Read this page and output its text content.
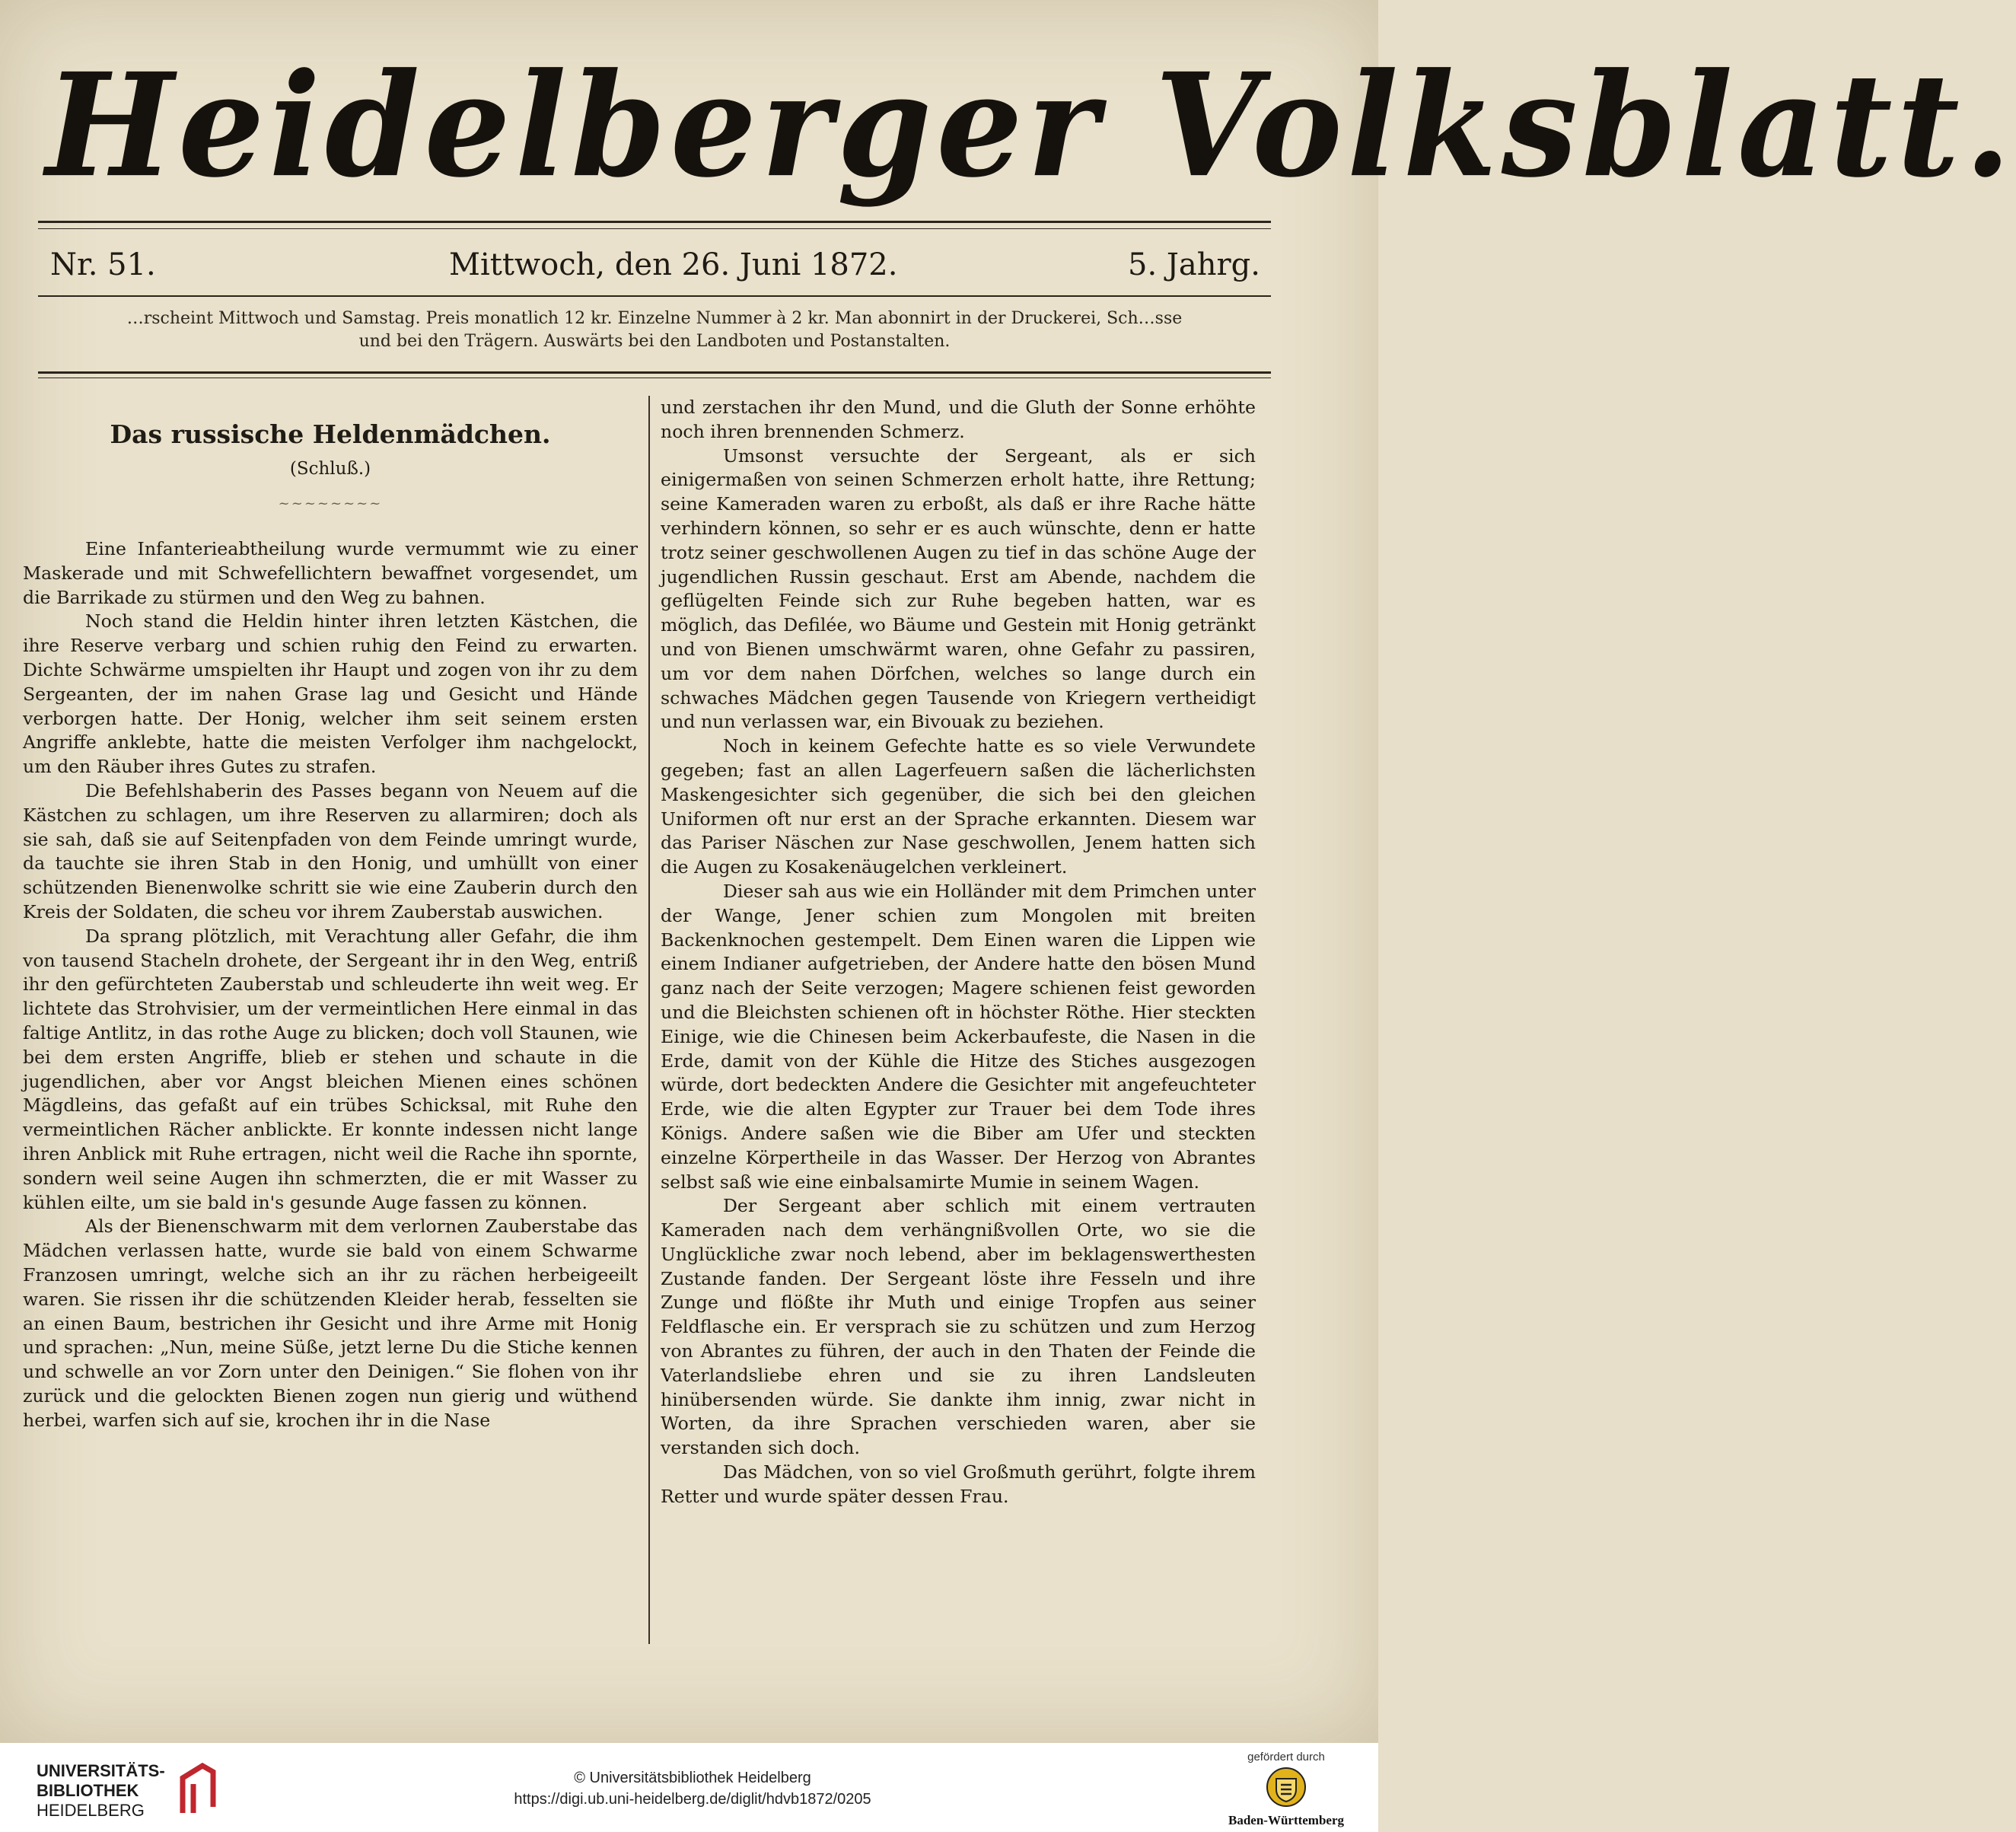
Heidelberger Volksblatt.
Nr. 51.	Mittwoch, den 26. Juni 1872.	5. Jahrg.
…rscheint Mittwoch und Samstag. Preis monatlich 12 kr. Einzelne Nummer à 2 kr. Man abonnirt in der Druckerei, Sch…sse
und bei den Trägern. Auswärts bei den Landboten und Postanstalten.
Das russische Heldenmädchen.
(Schluß.)
~~~~~~~~

Eine Infanterieabtheilung wurde vermummt wie zu einer Maskerade und mit Schwefellichtern bewaffnet vorgesendet, um die Barrikade zu stürmen und den Weg zu bahnen.

Noch stand die Heldin hinter ihren letzten Kästchen, die ihre Reserve verbarg und schien ruhig den Feind zu erwarten. Dichte Schwärme umspielten ihr Haupt und zogen von ihr zu dem Sergeanten, der im nahen Grase lag und Gesicht und Hände verborgen hatte. Der Honig, welcher ihm seit seinem ersten Angriffe anklebte, hatte die meisten Verfolger ihm nachgelockt, um den Räuber ihres Gutes zu strafen.

Die Befehlshaberin des Passes begann von Neuem auf die Kästchen zu schlagen, um ihre Reserven zu allarmiren; doch als sie sah, daß sie auf Seitenpfaden von dem Feinde umringt wurde, da tauchte sie ihren Stab in den Honig, und umhüllt von einer schützenden Bienenwolke schritt sie wie eine Zauberin durch den Kreis der Soldaten, die scheu vor ihrem Zauberstab auswichen.

Da sprang plötzlich, mit Verachtung aller Gefahr, die ihm von tausend Stacheln drohete, der Sergeant ihr in den Weg, entriß ihr den gefürchteten Zauberstab und schleuderte ihn weit weg. Er lichtete das Strohvisier, um der vermeintlichen Here einmal in das faltige Antlitz, in das rothe Auge zu blicken; doch voll Staunen, wie bei dem ersten Angriffe, blieb er stehen und schaute in die jugendlichen, aber vor Angst bleichen Mienen eines schönen Mägdleins, das gefaßt auf ein trübes Schicksal, mit Ruhe den vermeintlichen Rächer anblickte. Er konnte indessen nicht lange ihren Anblick mit Ruhe ertragen, nicht weil die Rache ihn spornte, sondern weil seine Augen ihn schmerzten, die er mit Wasser zu kühlen eilte, um sie bald in's gesunde Auge fassen zu können.

Als der Bienenschwarm mit dem verlornen Zauberstabe das Mädchen verlassen hatte, wurde sie bald von einem Schwarme Franzosen umringt, welche sich an ihr zu rächen herbeigeeilt waren. Sie rissen ihr die schützenden Kleider herab, fesselten sie an einen Baum, bestrichen ihr Gesicht und ihre Arme mit Honig und sprachen: „Nun, meine Süße, jetzt lerne Du die Stiche kennen und schwelle an vor Zorn unter den Deinigen.“ Sie flohen von ihr zurück und die gelockten Bienen zogen nun gierig und wüthend herbei, warfen sich auf sie, krochen ihr in die Nase

und zerstachen ihr den Mund, und die Gluth der Sonne erhöhte noch ihren brennenden Schmerz.

Umsonst versuchte der Sergeant, als er sich einigermaßen von seinen Schmerzen erholt hatte, ihre Rettung; seine Kameraden waren zu erboßt, als daß er ihre Rache hätte verhindern können, so sehr er es auch wünschte, denn er hatte trotz seiner geschwollenen Augen zu tief in das schöne Auge der jugendlichen Russin geschaut. Erst am Abende, nachdem die geflügelten Feinde sich zur Ruhe begeben hatten, war es möglich, das Defilée, wo Bäume und Gestein mit Honig getränkt und von Bienen umschwärmt waren, ohne Gefahr zu passiren, um vor dem nahen Dörfchen, welches so lange durch ein schwaches Mädchen gegen Tausende von Kriegern vertheidigt und nun verlassen war, ein Bivouak zu beziehen.

Noch in keinem Gefechte hatte es so viele Verwundete gegeben; fast an allen Lagerfeuern saßen die lächerlichsten Maskengesichter sich gegenüber, die sich bei den gleichen Uniformen oft nur erst an der Sprache erkannten. Diesem war das Pariser Näschen zur Nase geschwollen, Jenem hatten sich die Augen zu Kosakenäugelchen verkleinert.

Dieser sah aus wie ein Holländer mit dem Primchen unter der Wange, Jener schien zum Mongolen mit breiten Backenknochen gestempelt. Dem Einen waren die Lippen wie einem Indianer aufgetrieben, der Andere hatte den bösen Mund ganz nach der Seite verzogen; Magere schienen feist geworden und die Bleichsten schienen oft in höchster Röthe. Hier steckten Einige, wie die Chinesen beim Ackerbaufeste, die Nasen in die Erde, damit von der Kühle die Hitze des Stiches ausgezogen würde, dort bedeckten Andere die Gesichter mit angefeuchteter Erde, wie die alten Egypter zur Trauer bei dem Tode ihres Königs. Andere saßen wie die Biber am Ufer und steckten einzelne Körpertheile in das Wasser. Der Herzog von Abrantes selbst saß wie eine einbalsamirte Mumie in seinem Wagen.

Der Sergeant aber schlich mit einem vertrauten Kameraden nach dem verhängnißvollen Orte, wo sie die Unglückliche zwar noch lebend, aber im beklagenswerthesten Zustande fanden. Der Sergeant löste ihre Fesseln und ihre Zunge und flößte ihr Muth und einige Tropfen aus seiner Feldflasche ein. Er versprach sie zu schützen und zum Herzog von Abrantes zu führen, der auch in den Thaten der Feinde die Vaterlandsliebe ehren und sie zu ihren Landsleuten hinübersenden würde. Sie dankte ihm innig, zwar nicht in Worten, da ihre Sprachen verschieden waren, aber sie verstanden sich doch.

Das Mädchen, von so viel Großmuth gerührt, folgte ihrem Retter und wurde später dessen Frau.

UNIVERSITÄTS-
BIBLIOTHEK
HEIDELBERG
© Universitätsbibliothek Heidelberg
https://digi.ub.uni-heidelberg.de/diglit/hdvb1872/0205
gefördert durch
Baden-Württemberg
